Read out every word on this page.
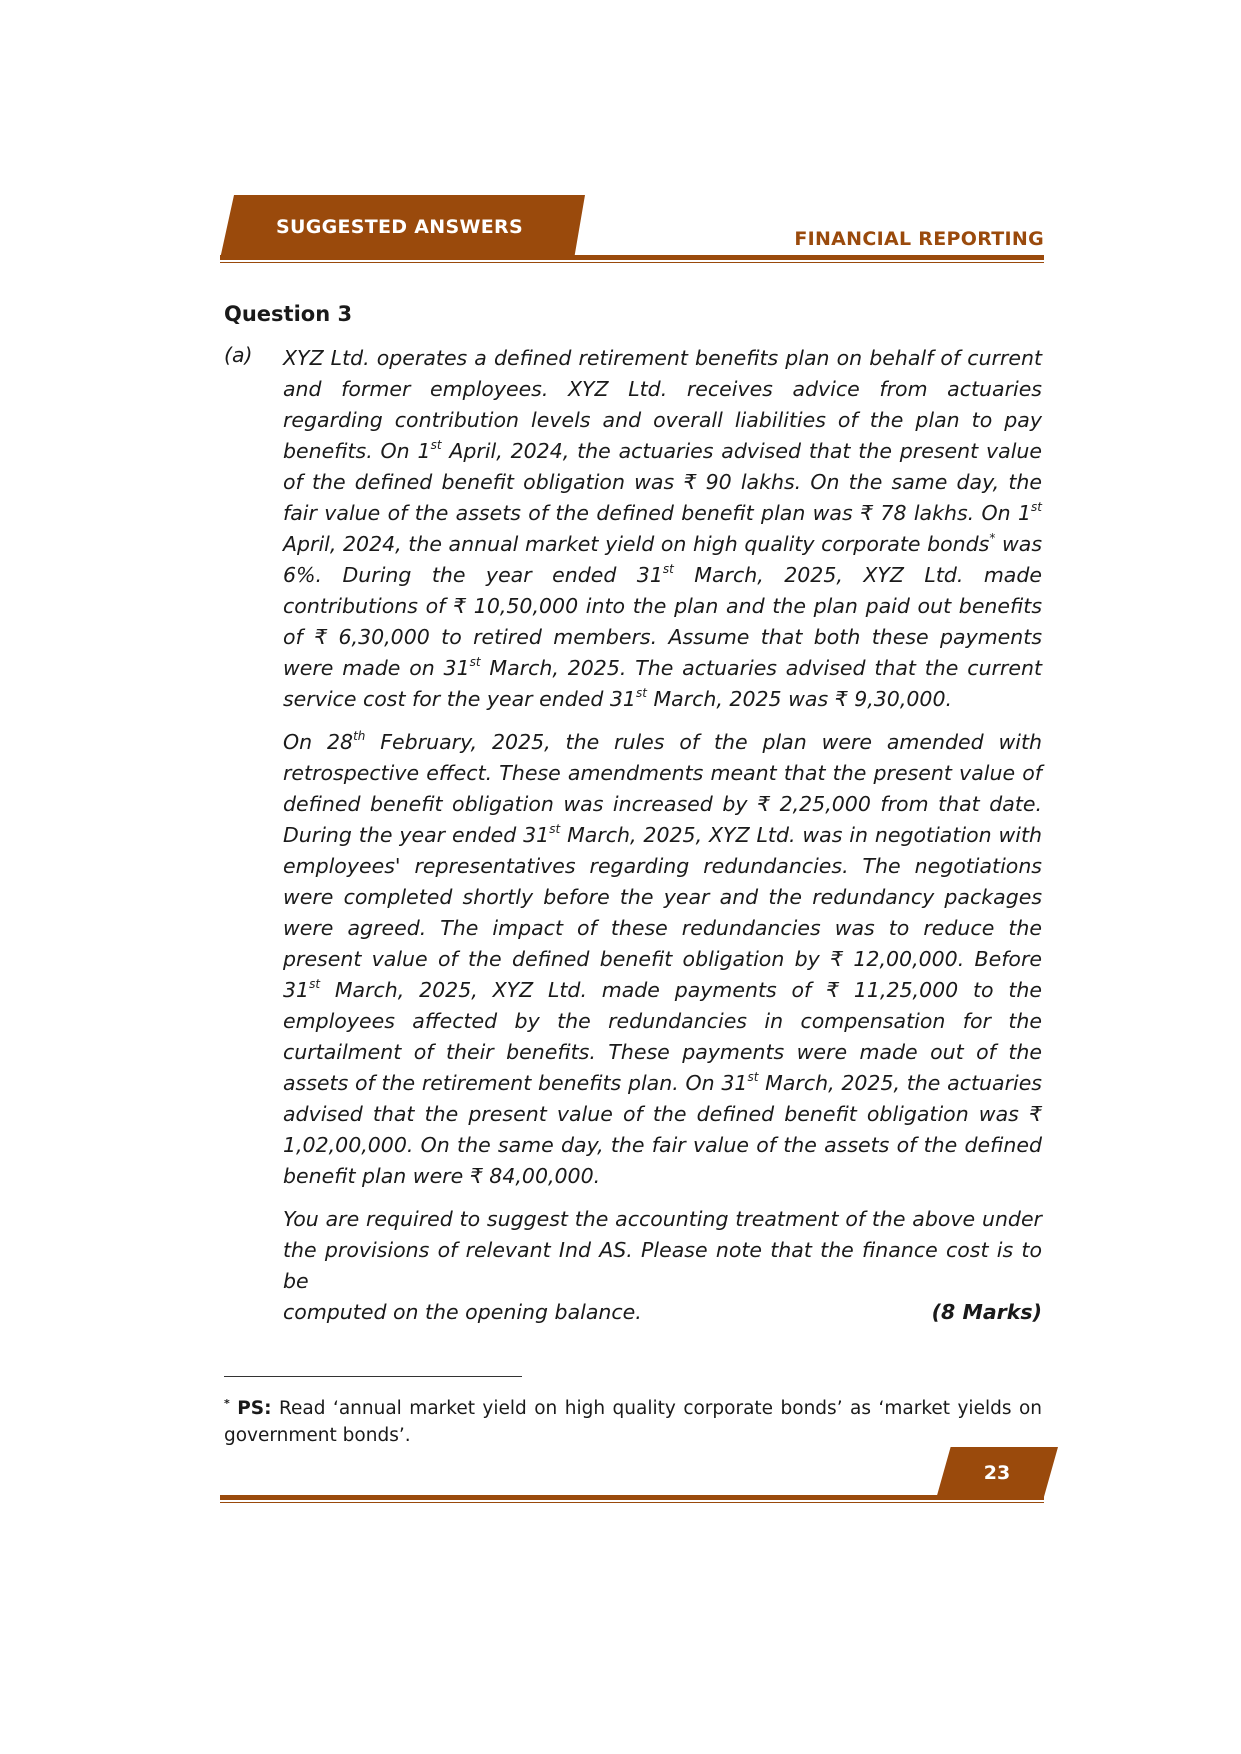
SUGGESTED ANSWERS
FINANCIAL REPORTING
Question 3
(a) XYZ Ltd. operates a defined retirement benefits plan on behalf of current and former employees. XYZ Ltd. receives advice from actuaries regarding contribution levels and overall liabilities of the plan to pay benefits. On 1st April, 2024, the actuaries advised that the present value of the defined benefit obligation was ₹ 90 lakhs. On the same day, the fair value of the assets of the defined benefit plan was ₹ 78 lakhs. On 1st April, 2024, the annual market yield on high quality corporate bonds* was 6%. During the year ended 31st March, 2025, XYZ Ltd. made contributions of ₹ 10,50,000 into the plan and the plan paid out benefits of ₹ 6,30,000 to retired members. Assume that both these payments were made on 31st March, 2025. The actuaries advised that the current service cost for the year ended 31st March, 2025 was ₹ 9,30,000.

On 28th February, 2025, the rules of the plan were amended with retrospective effect. These amendments meant that the present value of defined benefit obligation was increased by ₹ 2,25,000 from that date. During the year ended 31st March, 2025, XYZ Ltd. was in negotiation with employees' representatives regarding redundancies. The negotiations were completed shortly before the year and the redundancy packages were agreed. The impact of these redundancies was to reduce the present value of the defined benefit obligation by ₹ 12,00,000. Before 31st March, 2025, XYZ Ltd. made payments of ₹ 11,25,000 to the employees affected by the redundancies in compensation for the curtailment of their benefits. These payments were made out of the assets of the retirement benefits plan. On 31st March, 2025, the actuaries advised that the present value of the defined benefit obligation was ₹ 1,02,00,000. On the same day, the fair value of the assets of the defined benefit plan were ₹ 84,00,000.

You are required to suggest the accounting treatment of the above under the provisions of relevant Ind AS. Please note that the finance cost is to be

computed on the opening balance.	(8 Marks)
* PS: Read ‘annual market yield on high quality corporate bonds’ as ‘market yields on government bonds’.
23
